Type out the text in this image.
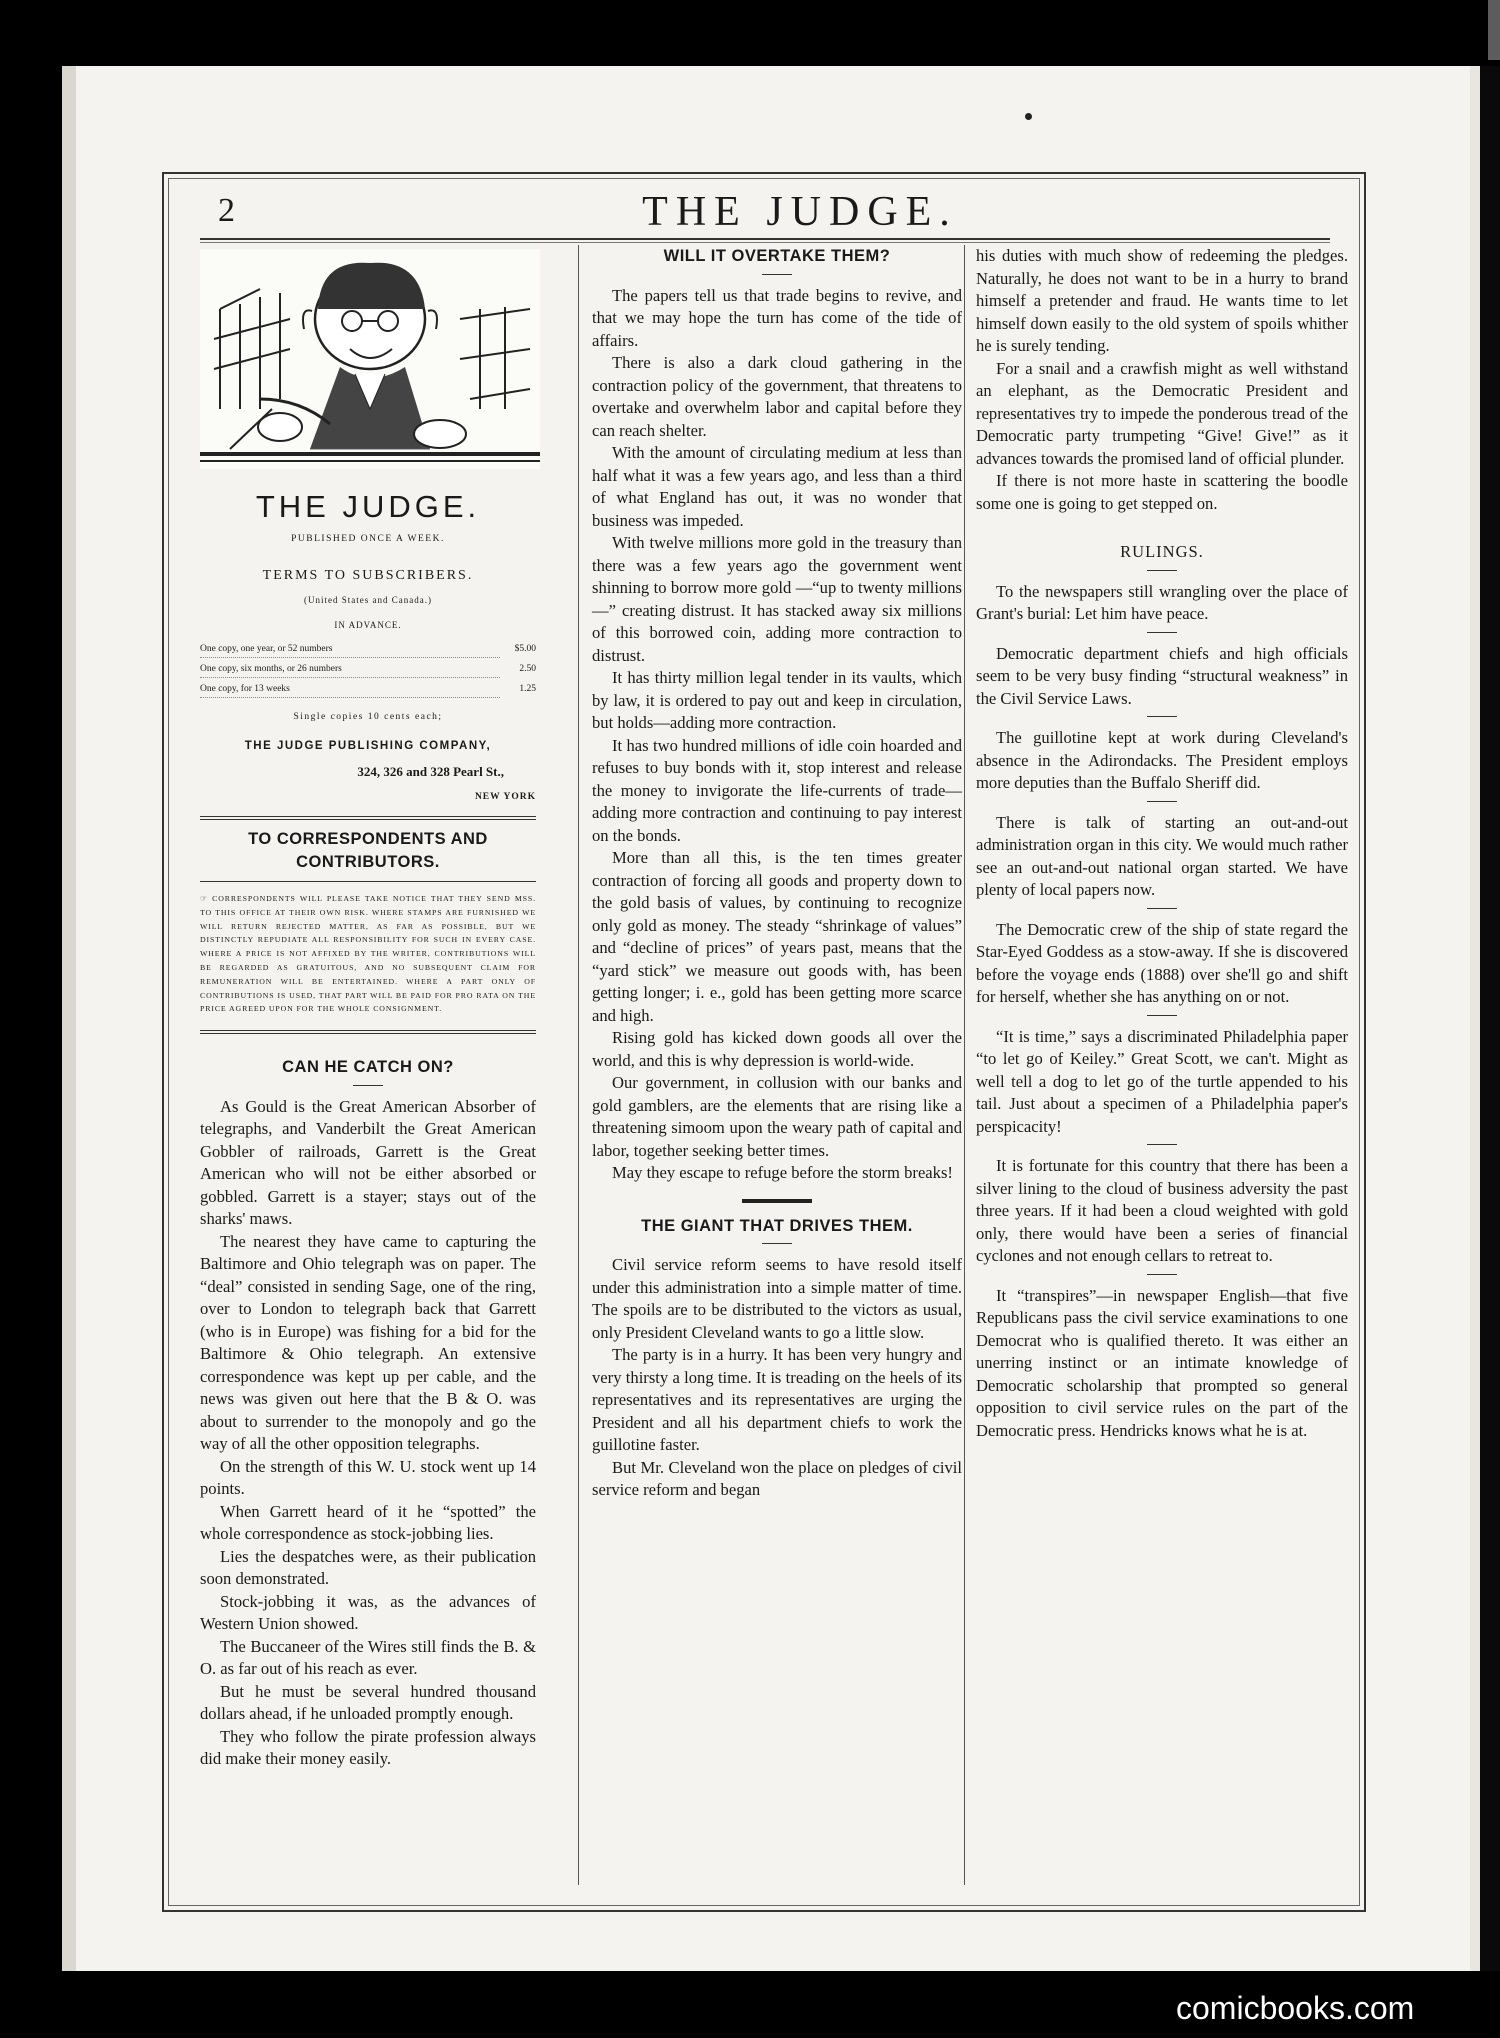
2	THE JUDGE.
THE JUDGE.
PUBLISHED ONCE A WEEK.
TERMS TO SUBSCRIBERS.
(United States and Canada.)
IN ADVANCE.
One copy, one year, or 52 numbers	$5.00
One copy, six months, or 26 numbers	2.50
One copy, for 13 weeks	1.25
Single copies 10 cents each;
THE JUDGE PUBLISHING COMPANY,
324, 326 and 328 Pearl St.,
NEW YORK
TO CORRESPONDENTS AND CONTRIBUTORS.
☞ CORRESPONDENTS WILL PLEASE TAKE NOTICE THAT THEY SEND MSS. TO THIS OFFICE AT THEIR OWN RISK. WHERE STAMPS ARE FURNISHED WE WILL RETURN REJECTED MATTER, AS FAR AS POSSIBLE, BUT WE DISTINCTLY REPUDIATE ALL RESPONSIBILITY FOR SUCH IN EVERY CASE. WHERE A PRICE IS NOT AFFIXED BY THE WRITER, CONTRIBUTIONS WILL BE REGARDED AS GRATUITOUS, AND NO SUBSEQUENT CLAIM FOR REMUNERATION WILL BE ENTERTAINED. WHERE A PART ONLY OF CONTRIBUTIONS IS USED, THAT PART WILL BE PAID FOR PRO RATA ON THE PRICE AGREED UPON FOR THE WHOLE CONSIGNMENT.
CAN HE CATCH ON?

As Gould is the Great American Absorber of telegraphs, and Vanderbilt the Great American Gobbler of railroads, Garrett is the Great American who will not be either absorbed or gobbled. Garrett is a stayer; stays out of the sharks' maws.

The nearest they have came to capturing the Baltimore and Ohio telegraph was on paper. The “deal” consisted in sending Sage, one of the ring, over to London to telegraph back that Garrett (who is in Europe) was fishing for a bid for the Baltimore & Ohio telegraph. An extensive correspondence was kept up per cable, and the news was given out here that the B & O. was about to surrender to the monopoly and go the way of all the other opposition telegraphs.

On the strength of this W. U. stock went up 14 points.

When Garrett heard of it he “spotted” the whole correspondence as stock-jobbing lies.

Lies the despatches were, as their publication soon demonstrated.

Stock-jobbing it was, as the advances of Western Union showed.

The Buccaneer of the Wires still finds the B. & O. as far out of his reach as ever.

But he must be several hundred thousand dollars ahead, if he unloaded promptly enough.

They who follow the pirate profession always did make their money easily.

WILL IT OVERTAKE THEM?

The papers tell us that trade begins to revive, and that we may hope the turn has come of the tide of affairs.

There is also a dark cloud gathering in the contraction policy of the government, that threatens to overtake and overwhelm labor and capital before they can reach shelter.

With the amount of circulating medium at less than half what it was a few years ago, and less than a third of what England has out, it was no wonder that business was impeded.

With twelve millions more gold in the treasury than there was a few years ago the government went shinning to borrow more gold —“up to twenty millions—” creating distrust. It has stacked away six millions of this borrowed coin, adding more contraction to distrust.

It has thirty million legal tender in its vaults, which by law, it is ordered to pay out and keep in circulation, but holds—adding more contraction.

It has two hundred millions of idle coin hoarded and refuses to buy bonds with it, stop interest and release the money to invigorate the life-currents of trade—adding more contraction and continuing to pay interest on the bonds.

More than all this, is the ten times greater contraction of forcing all goods and property down to the gold basis of values, by continuing to recognize only gold as money. The steady “shrinkage of values” and “decline of prices” of years past, means that the “yard stick” we measure out goods with, has been getting longer; i. e., gold has been getting more scarce and high.

Rising gold has kicked down goods all over the world, and this is why depression is world-wide.

Our government, in collusion with our banks and gold gamblers, are the elements that are rising like a threatening simoom upon the weary path of capital and labor, together seeking better times.

May they escape to refuge before the storm breaks!

THE GIANT THAT DRIVES THEM.

Civil service reform seems to have resold itself under this administration into a simple matter of time. The spoils are to be distributed to the victors as usual, only President Cleveland wants to go a little slow.

The party is in a hurry. It has been very hungry and very thirsty a long time. It is treading on the heels of its representatives and its representatives are urging the President and all his department chiefs to work the guillotine faster.

But Mr. Cleveland won the place on pledges of civil service reform and began

his duties with much show of redeeming the pledges. Naturally, he does not want to be in a hurry to brand himself a pretender and fraud. He wants time to let himself down easily to the old system of spoils whither he is surely tending.

For a snail and a crawfish might as well withstand an elephant, as the Democratic President and representatives try to impede the ponderous tread of the Democratic party trumpeting “Give! Give!” as it advances towards the promised land of official plunder.

If there is not more haste in scattering the boodle some one is going to get stepped on.

RULINGS.

To the newspapers still wrangling over the place of Grant's burial: Let him have peace.

Democratic department chiefs and high officials seem to be very busy finding “structural weakness” in the Civil Service Laws.

The guillotine kept at work during Cleveland's absence in the Adirondacks. The President employs more deputies than the Buffalo Sheriff did.

There is talk of starting an out-and-out administration organ in this city. We would much rather see an out-and-out national organ started. We have plenty of local papers now.

The Democratic crew of the ship of state regard the Star-Eyed Goddess as a stow-away. If she is discovered before the voyage ends (1888) over she'll go and shift for herself, whether she has anything on or not.

“It is time,” says a discriminated Philadelphia paper “to let go of Keiley.” Great Scott, we can't. Might as well tell a dog to let go of the turtle appended to his tail. Just about a specimen of a Philadelphia paper's perspicacity!

It is fortunate for this country that there has been a silver lining to the cloud of business adversity the past three years. If it had been a cloud weighted with gold only, there would have been a series of financial cyclones and not enough cellars to retreat to.

It “transpires”—in newspaper English—that five Republicans pass the civil service examinations to one Democrat who is qualified thereto. It was either an unerring instinct or an intimate knowledge of Democratic scholarship that prompted so general opposition to civil service rules on the part of the Democratic press. Hendricks knows what he is at.

comicbooks.com
